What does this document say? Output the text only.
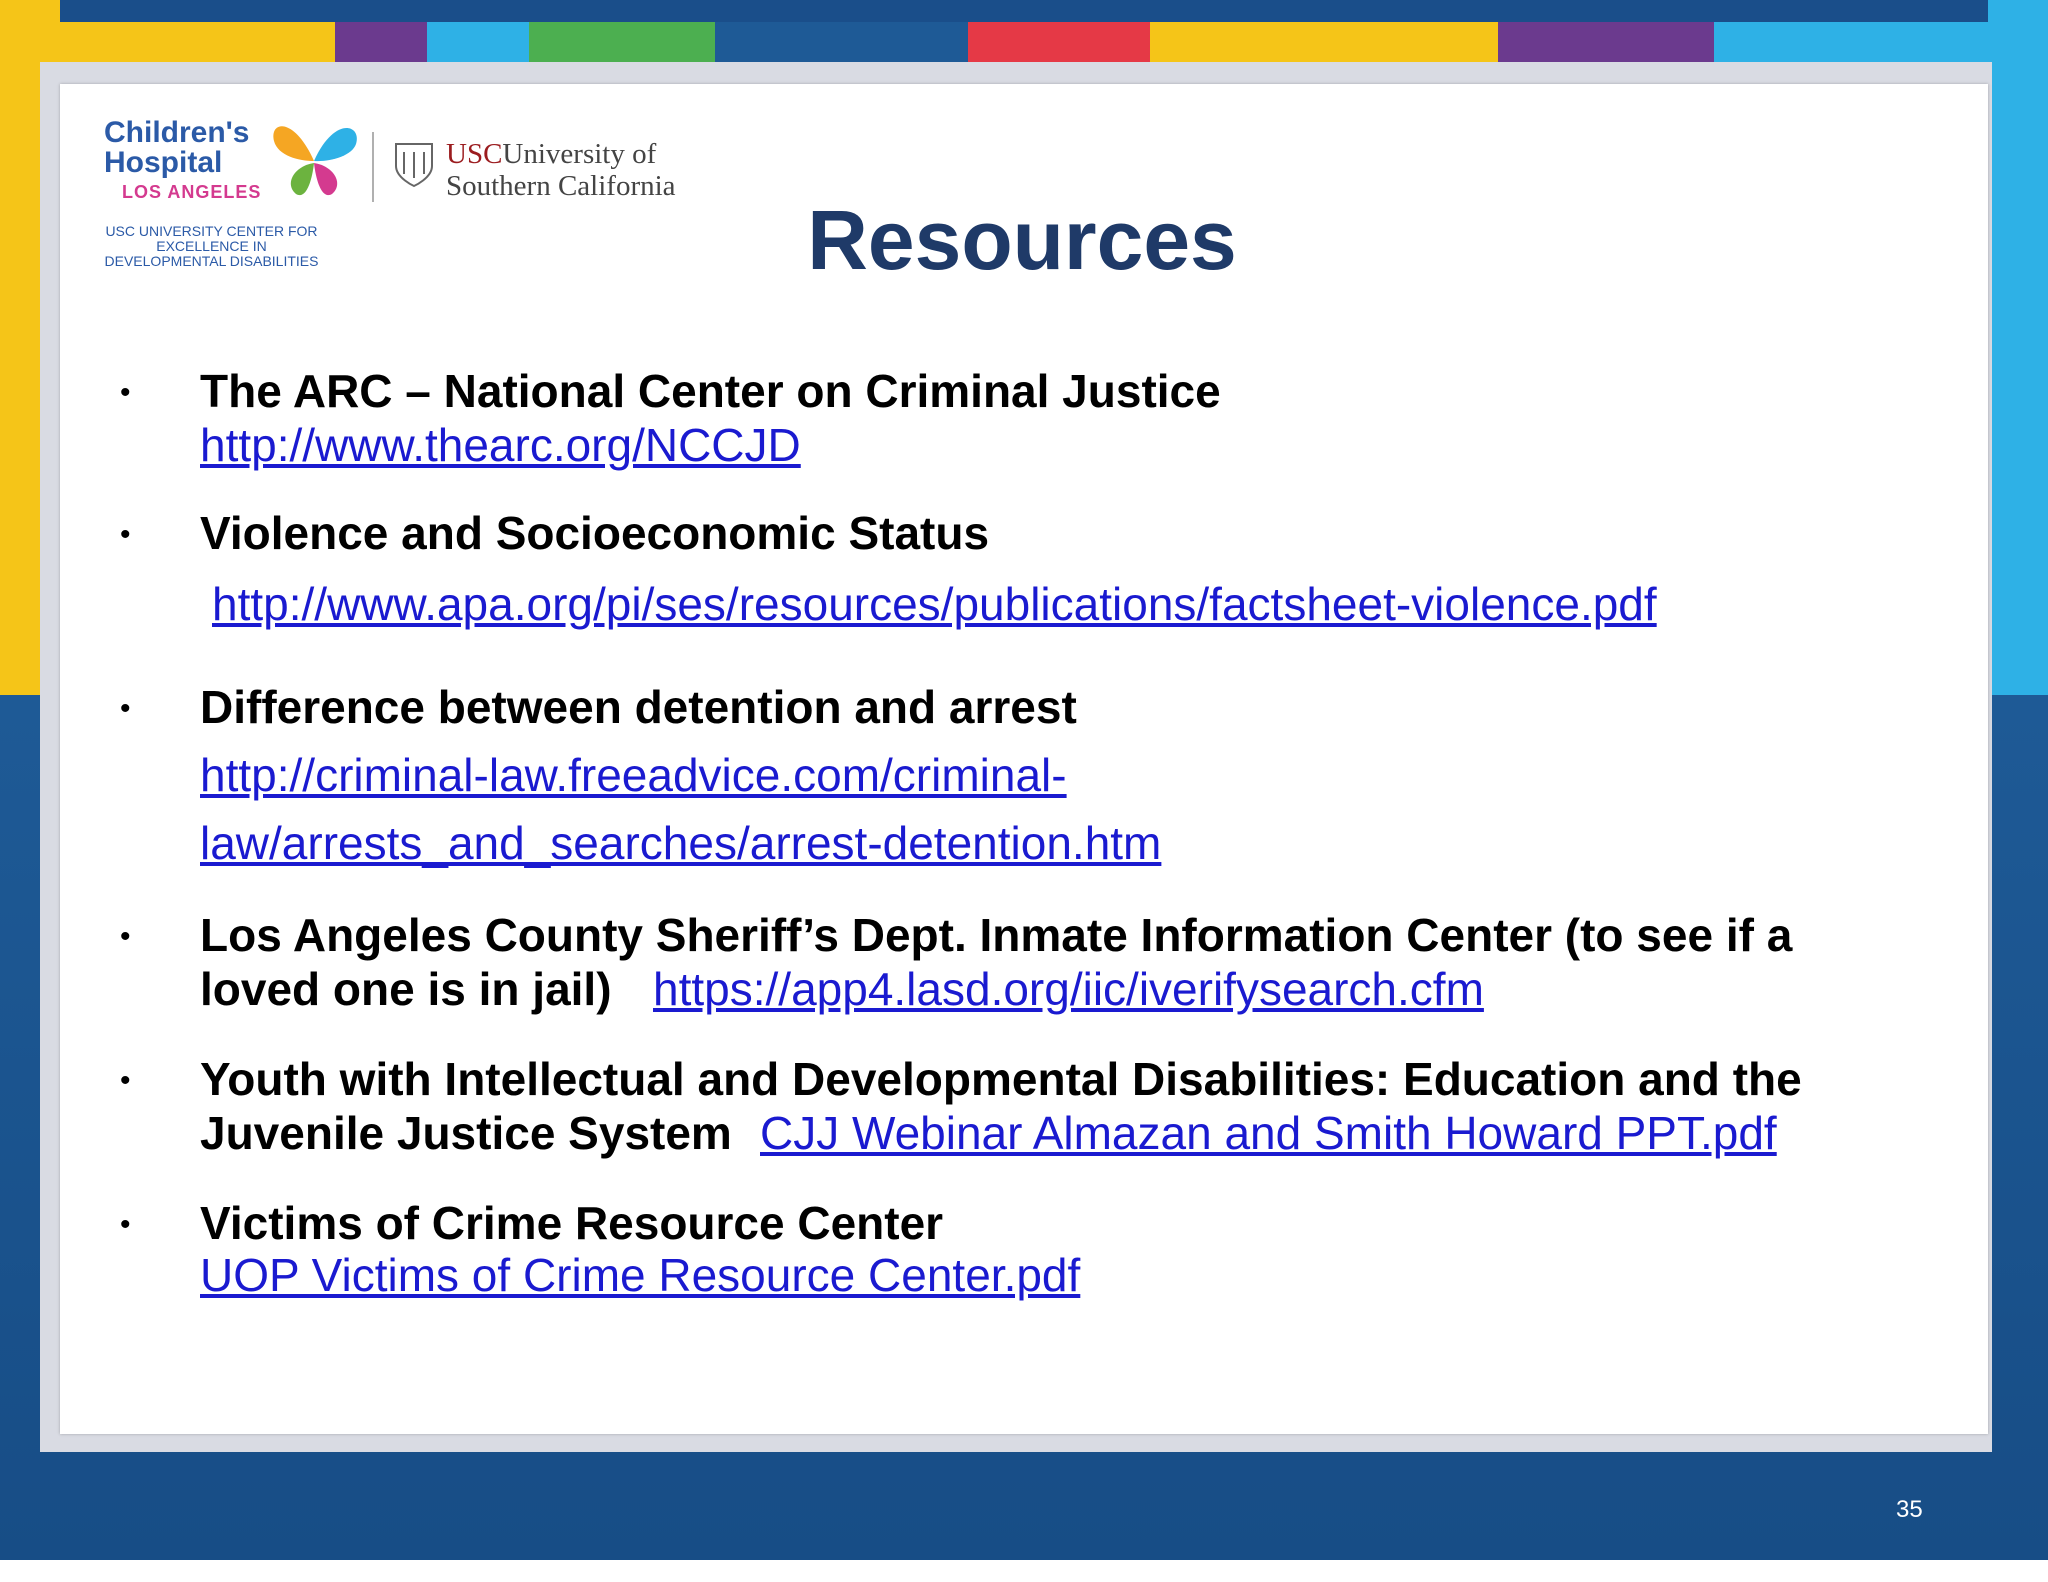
Children's
Hospital
LOS ANGELES
USC UNIVERSITY CENTER FOR EXCELLENCE IN DEVELOPMENTAL DISABILITIES
USCUniversity of
Southern California
Resources
• The ARC – National Center on Criminal Justice
http://www.thearc.org/NCCJD
• Violence and Socioeconomic Status
http://www.apa.org/pi/ses/resources/publications/factsheet-violence.pdf
• Difference between detention and arrest
http://criminal-law.freeadvice.com/criminal-
law/arrests_and_searches/arrest-detention.htm
• Los Angeles County Sheriff’s Dept. Inmate Information Center (to see if a
loved one is in jail) https://app4.lasd.org/iic/iverifysearch.cfm
• Youth with Intellectual and Developmental Disabilities: Education and the
Juvenile Justice System CJJ Webinar Almazan and Smith Howard PPT.pdf
• Victims of Crime Resource Center
UOP Victims of Crime Resource Center.pdf
35
